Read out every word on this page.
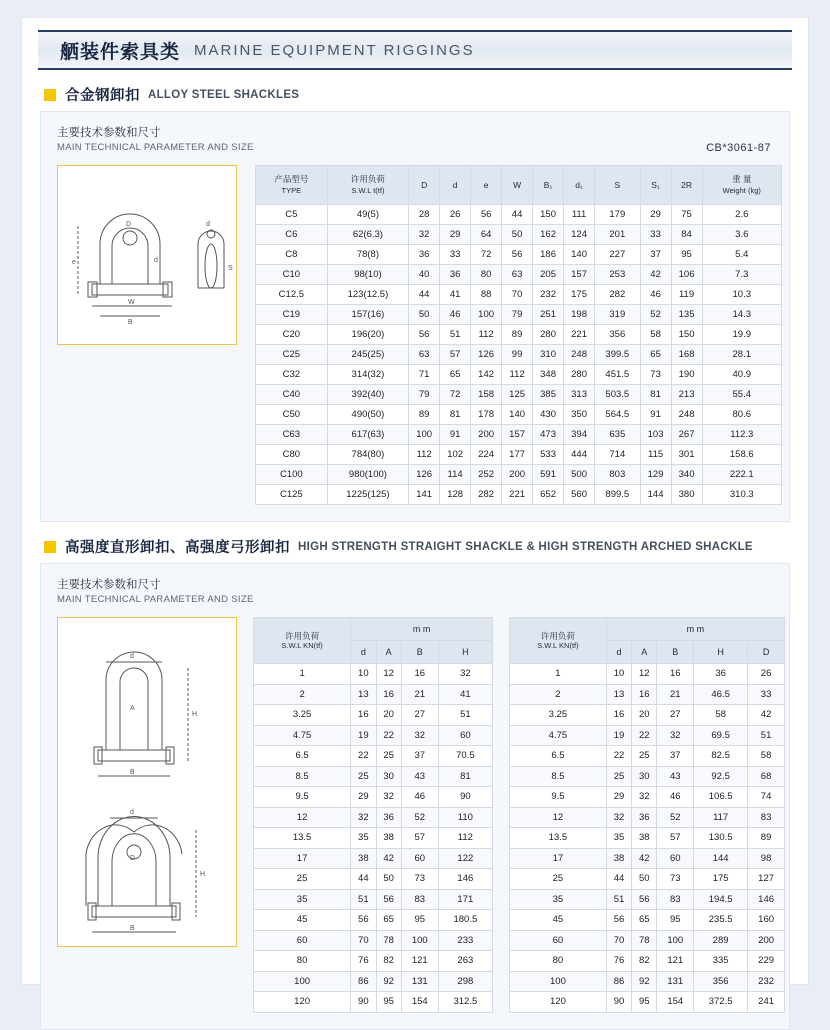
舾装件索具类 MARINE EQUIPMENT RIGGINGS
合金钢卸扣 ALLOY STEEL SHACKLES
主要技术参数和尺寸
MAIN TECHNICAL PARAMETER AND SIZE	CB*3061-87
D
d
e
W
B
d
S
产品型号
TYPE	许用负荷
S.W.L t(tf)	D	d	e	W	B₁	d₁	S	S₁	2R	重 量
Weight (kg)

C5	49(5)	28	26	56	44	150	111	179	29	75	2.6
C6	62(6.3)	32	29	64	50	162	124	201	33	84	3.6
C8	78(8)	36	33	72	56	186	140	227	37	95	5.4
C10	98(10)	40	36	80	63	205	157	253	42	106	7.3
C12.5	123(12.5)	44	41	88	70	232	175	282	46	119	10.3
C19	157(16)	50	46	100	79	251	198	319	52	135	14.3
C20	196(20)	56	51	112	89	280	221	356	58	150	19.9
C25	245(25)	63	57	126	99	310	248	399.5	65	168	28.1
C32	314(32)	71	65	142	112	348	280	451.5	73	190	40.9
C40	392(40)	79	72	158	125	385	313	503.5	81	213	55.4
C50	490(50)	89	81	178	140	430	350	564.5	91	248	80.6
C63	617(63)	100	91	200	157	473	394	635	103	267	112.3
C80	784(80)	112	102	224	177	533	444	714	115	301	158.6
C100	980(100)	126	114	252	200	591	500	803	129	340	222.1
C125	1225(125)	141	128	282	221	652	560	899.5	144	380	310.3
高强度直形卸扣、高强度弓形卸扣 HIGH STRENGTH STRAIGHT SHACKLE & HIGH STRENGTH ARCHED SHACKLE
主要技术参数和尺寸
MAIN TECHNICAL PARAMETER AND SIZE
d
A
H
B
d
D
H
B
许用负荷
S.W.L KN(tf)	m m			
	d	A	B	H
1	10	12	16	32
2	13	16	21	41
3.25	16	20	27	51
4.75	19	22	32	60
6.5	22	25	37	70.5
8.5	25	30	43	81
9.5	29	32	46	90
12	32	36	52	110
13.5	35	38	57	112
17	38	42	60	122
25	44	50	73	146
35	51	56	83	171
45	56	65	95	180.5
60	70	78	100	233
80	76	82	121	263
100	86	92	131	298
120	90	95	154	312.5
许用负荷
S.W.L KN(tf)	m m				
	d	A	B	H	D
1	10	12	16	36	26
2	13	16	21	46.5	33
3.25	16	20	27	58	42
4.75	19	22	32	69.5	51
6.5	22	25	37	82.5	58
8.5	25	30	43	92.5	68
9.5	29	32	46	106.5	74
12	32	36	52	117	83
13.5	35	38	57	130.5	89
17	38	42	60	144	98
25	44	50	73	175	127
35	51	56	83	194.5	146
45	56	65	95	235.5	160
60	70	78	100	289	200
80	76	82	121	335	229
100	86	92	131	356	232
120	90	95	154	372.5	241
